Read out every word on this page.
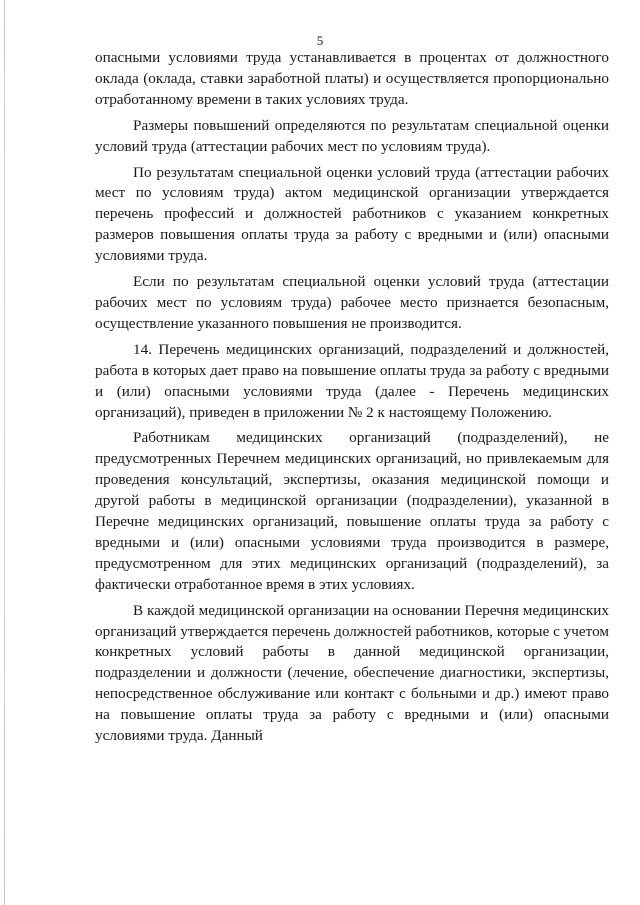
5

опасными условиями труда устанавливается в процентах от должностного оклада (оклада, ставки заработной платы) и осуществляется пропорционально отработанному времени в таких условиях труда.

Размеры повышений определяются по результатам специальной оценки условий труда (аттестации рабочих мест по условиям труда).

По результатам специальной оценки условий труда (аттестации рабочих мест по условиям труда) актом медицинской организации утверждается перечень профессий и должностей работников с указанием конкретных размеров повышения оплаты труда за работу с вредными и (или) опасными условиями труда.

Если по результатам специальной оценки условий труда (аттестации рабочих мест по условиям труда) рабочее место признается безопасным, осуществление указанного повышения не производится.

14. Перечень медицинских организаций, подразделений и должностей, работа в которых дает право на повышение оплаты труда за работу с вредными и (или) опасными условиями труда (далее - Перечень медицинских организаций), приведен в приложении № 2 к настоящему Положению.

Работникам медицинских организаций (подразделений), не предусмотренных Перечнем медицинских организаций, но привлекаемым для проведения консультаций, экспертизы, оказания медицинской помощи и другой работы в медицинской организации (подразделении), указанной в Перечне медицинских организаций, повышение оплаты труда за работу с вредными и (или) опасными условиями труда производится в размере, предусмотренном для этих медицинских организаций (подразделений), за фактически отработанное время в этих условиях.

В каждой медицинской организации на основании Перечня медицинских организаций утверждается перечень должностей работников, которые с учетом конкретных условий работы в данной медицинской организации, подразделении и должности (лечение, обеспечение диагностики, экспертизы, непосредственное обслуживание или контакт с больными и др.) имеют право на повышение оплаты труда за работу с вредными и (или) опасными условиями труда. Данный
